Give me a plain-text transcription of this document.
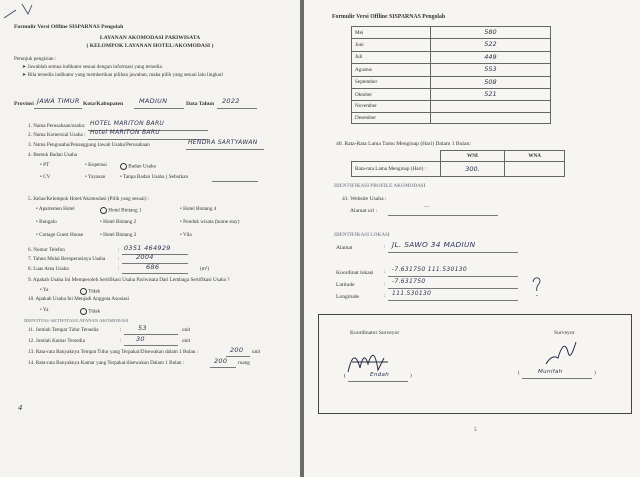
Formulir Versi Offline SISPARNAS Pengolah
LAYANAN AKOMODASI PARIWISATA
( KELOMPOK LAYANAN HOTEL/AKOMODASI )
Petunjuk pengisian :
➤ Jawablah semua indikator sesuai dengan informasi yang tersedia
➤ Bila tersedia indikator yang memberikan pilihan jawaban, maka pilih yang sesuai lalu lingkari
Provinsi JAWA TIMUR Kota/Kabupaten MADIUN	Data Tahun 2022
1. Nama Perusahaan/usaha : HOTEL MARITON BARU
2. Nama Komersial Usaha : Hotel MARITON BARU
3. Nama Pengusaha/Penanggung Jawab Usaha/Perusahaan	HENDRA SARTYAWAN
4. Bentuk Badan Usaha
• PT	• Koperasi	Badan Usaha
• CV	• Yayasan	• Tanpa Badan Usaha ( Sebutkan
5. Kelas/Kelompok Hotel/Akomodasi (Pilih yang sesuai) :
• Apartemen Hotel	Hotel Bintang 1	• Hotel Bintang 4
• Bungalo	• Hotel Bintang 2	• Pondok wisata (home stay)
• Cottage Guest House	• Hotel Bintang 3	• Vila
6. Nomor Telefon	: 0351 464929
7. Tahun Mulai Beroperasinya Usaha :	2004
8. Luas Area Usaha	:	686	(m²)
9. Apakah Usaha Ini Memperoleh Sertifikasi Usaha Pariwisata Dari Lembaga Sertifikasi Usaha ?
• Ya	Tidak
10. Apakah Usaha Ini Menjadi Anggota Asosiasi
• Ya	Tidak
IDENTITAS AKTIFITAS/LAYANAN AKOMODASI
11. Jumlah Tempat Tidur Tersedia	:	53	unit
12. Jumlah Kamar Tersedia	: 30	unit
13. Rata-rata Banyaknya Tempat Tidur yang Terpakai/Disewakan dalam 1 Bulan :	200 unit
14. Rata-rata Banyaknya Kamar yang Terpakai/disewakan Dalam 1 Bulan :	200 ruang
4
Formulir Versi Offline SISPARNAS Pengolah
Mei	580
Juni	522
Juli	449
Agustus	553
September	508
Oktober	521
November	
Desember	
40. Rata-Rata Lama Tamu Menginap (Hari) Dalam 1 Bulan:
	WNI	WNA
Rata-rata Lama Menginap (Hari) :	300.	
IDENTIFIKASI PROFILE AKOMODASI
41. Website Usaha :
Alamat url :
—
IDENTIFIKASI LOKASI
Alamat	: JL. SAWO 34 MADIUN
Koordinat lokasi : -7.631750 111.530130
Latitude	: -7.631750
Longitude	: 111.530130
Koordinator Surveyor	Surveyor
Endah
(	)
Munifah
(	)
5
